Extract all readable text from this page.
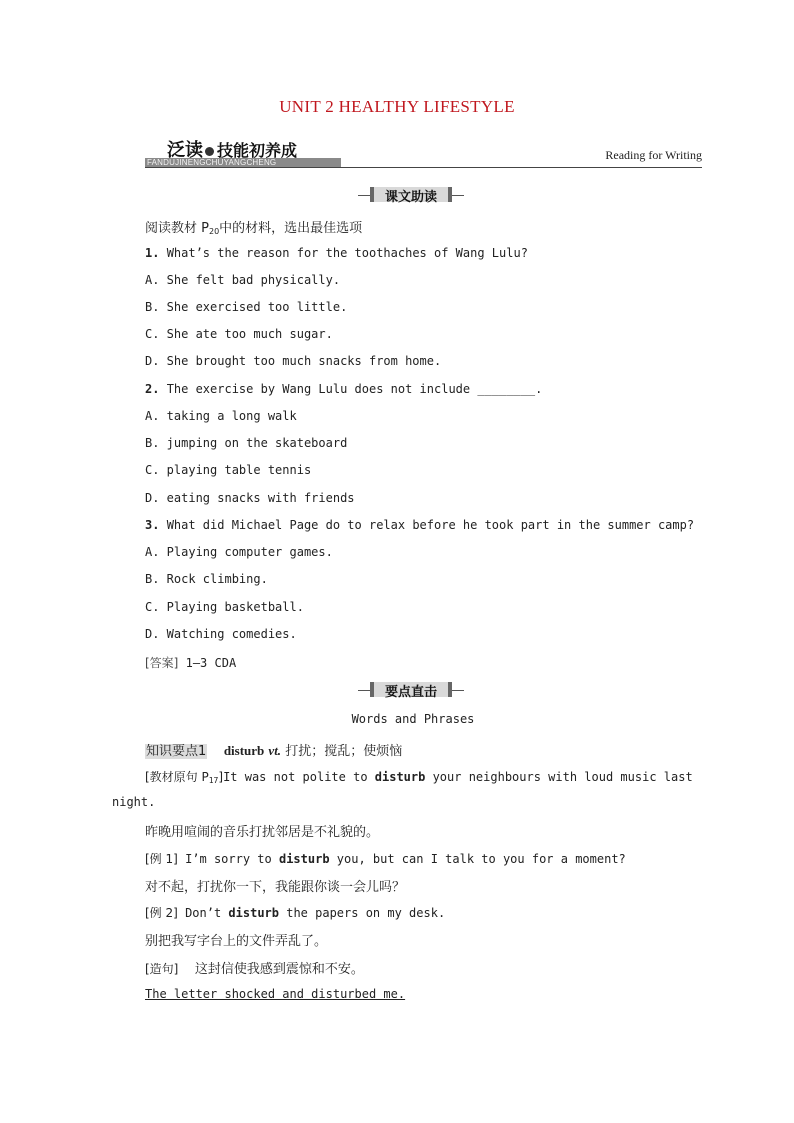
UNIT 2 HEALTHY LIFESTYLE
FANDUJINENGCHUYANGCHENG
泛读 技能初养成	Reading for Writing
课文助读
阅读教材 $P_{20}$中的材料，选出最佳选项
1. What’s the reason for the toothaches of Wang Lulu?
A. She felt bad physically.
B. She exercised too little.
C. She ate too much sugar.
D. She brought too much snacks from home.
2. The exercise by Wang Lulu does not include ________.
A. taking a long walk
B. jumping on the skateboard
C. playing table tennis
D. eating snacks with friends
3. What did Michael Page do to relax before he took part in the summer camp?
A. Playing computer games.
B. Rock climbing.
C. Playing basketball.
D. Watching comedies.
[答案] 1—3 CDA
要点直击
Words and Phrases
知识要点1 disturb vt. 打扰；搅乱；使烦恼
[教材原句 $P_{17}]It$ was not polite to disturb your neighbours with loud music last
night.
昨晚用喧闹的音乐打扰邻居是不礼貌的。
[例 1] I’m sorry to disturb you, but can I talk to you for a moment?
对不起，打扰你一下，我能跟你谈一会儿吗？
[例 2] Don’t disturb the papers on my desk.
别把我写字台上的文件弄乱了。
[造句] 这封信使我感到震惊和不安。
The letter shocked and disturbed me.
